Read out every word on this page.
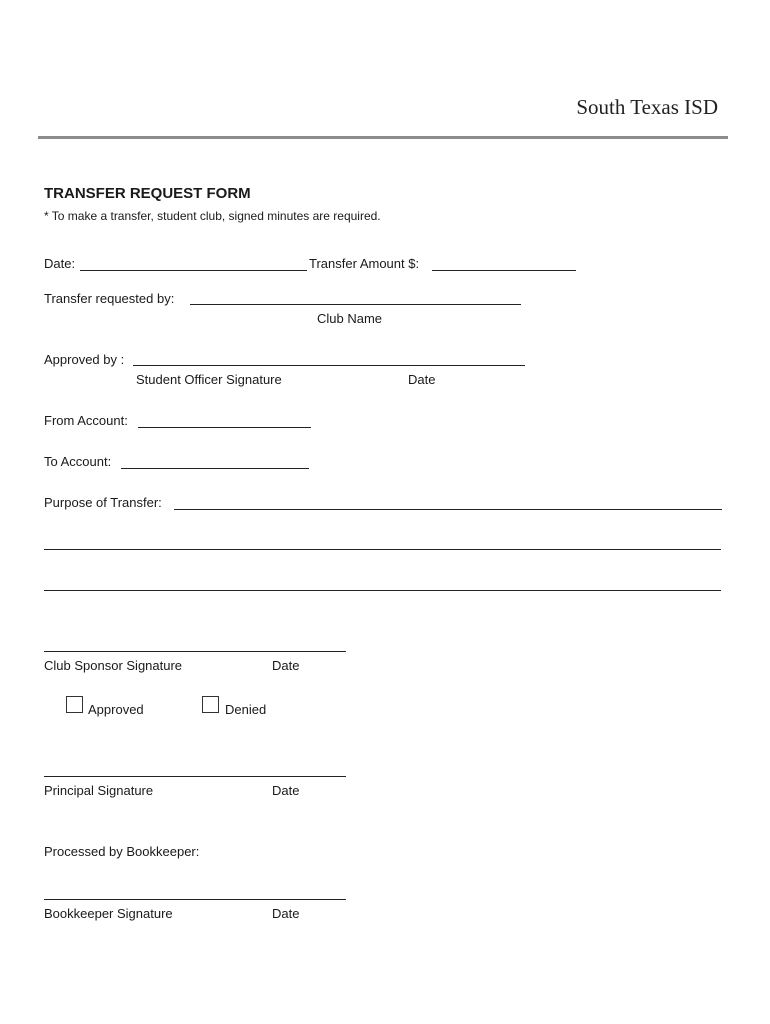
South Texas ISD
TRANSFER REQUEST FORM
* To make a transfer, student club, signed minutes are required.
Date:	Transfer Amount $:
Transfer requested by:
Club Name
Approved by :
Student Officer Signature	Date
From Account:
To Account:
Purpose of Transfer:
Club Sponsor Signature	Date
Approved	Denied
Principal Signature	Date
Processed by Bookkeeper:
Bookkeeper Signature	Date
